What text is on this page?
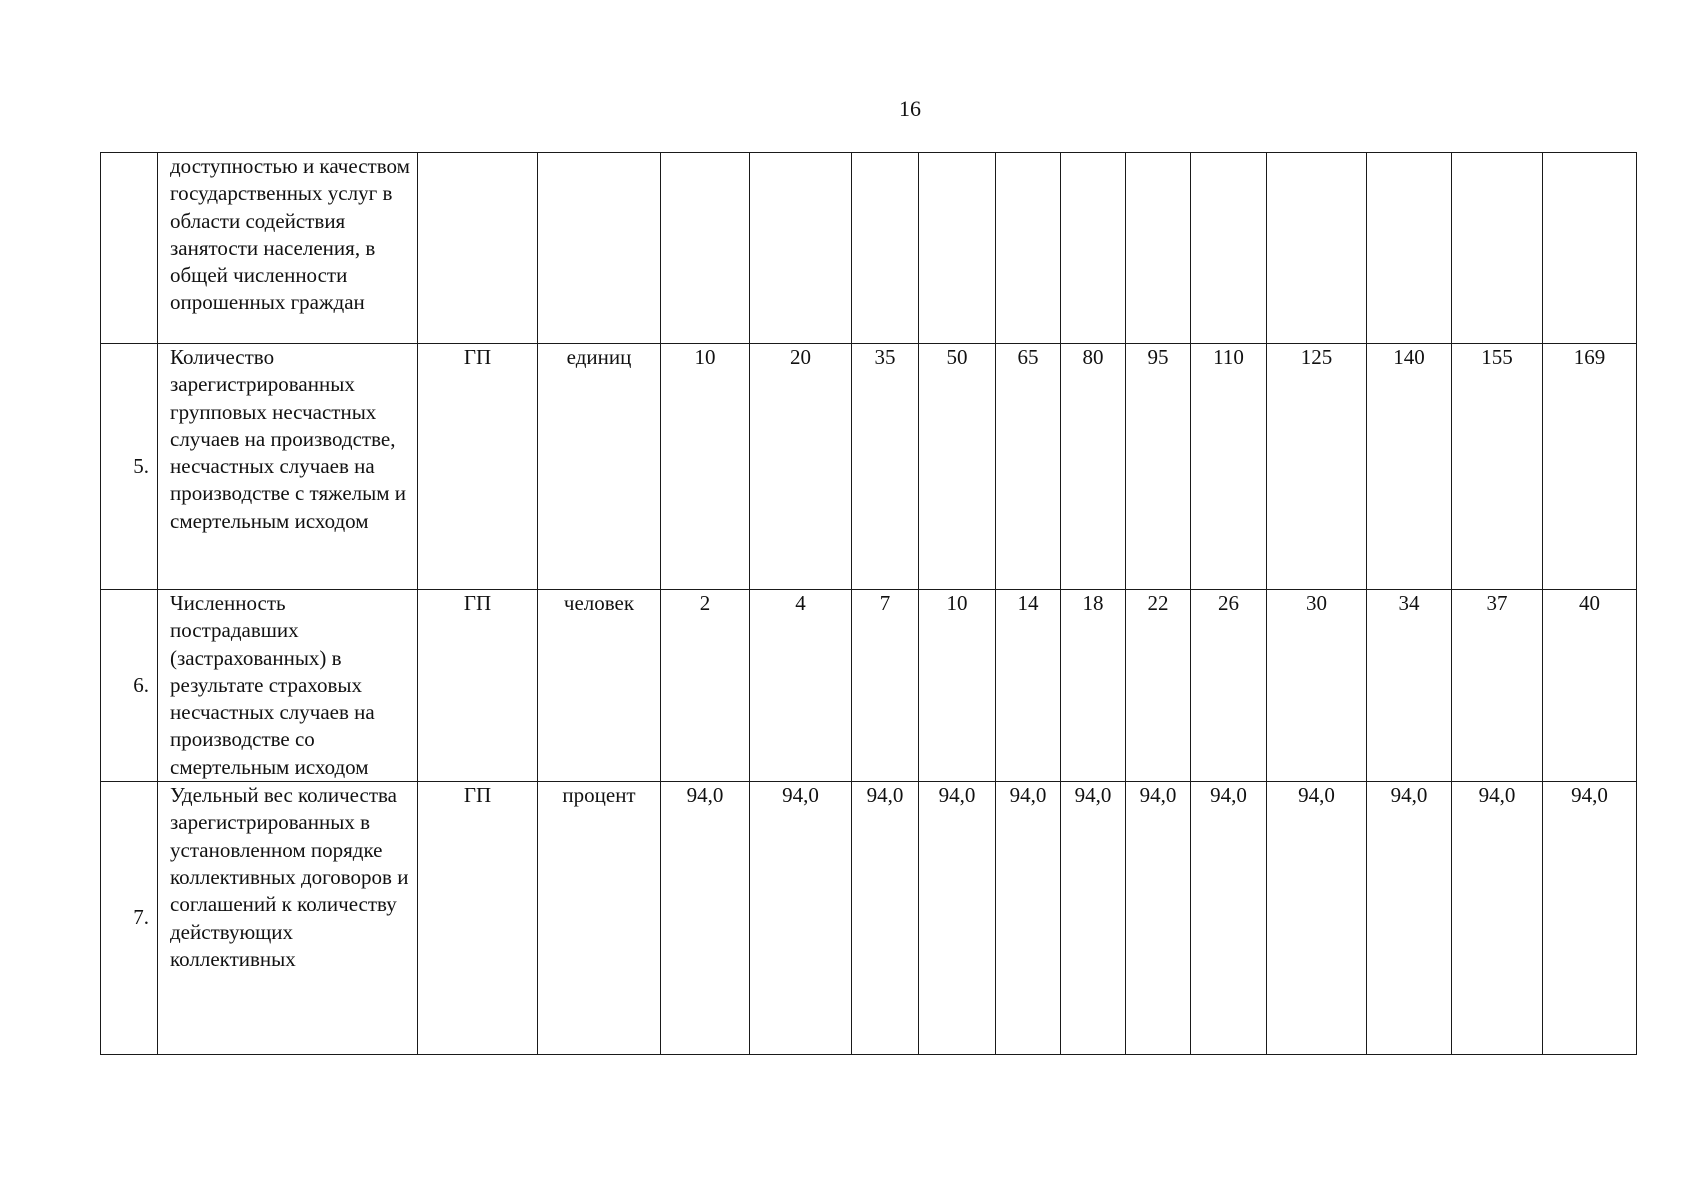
16
	доступностью и качеством государственных услуг в области содействия занятости населения, в общей численности опрошенных граждан														
5.	Количество зарегистрированных групповых несчастных случаев на производстве, несчастных случаев на производстве с тяжелым и смертельным исходом	ГП	единиц	10	20	35	50	65	80	95	110	125	140	155	169
6.	Численность пострадавших (застрахованных) в результате страховых несчастных случаев на производстве со смертельным исходом	ГП	человек	2	4	7	10	14	18	22	26	30	34	37	40
7.	Удельный вес количества зарегистрированных в установленном порядке коллективных договоров и соглашений к количеству действующих коллективных	ГП	процент	94,0	94,0	94,0	94,0	94,0	94,0	94,0	94,0	94,0	94,0	94,0	94,0
